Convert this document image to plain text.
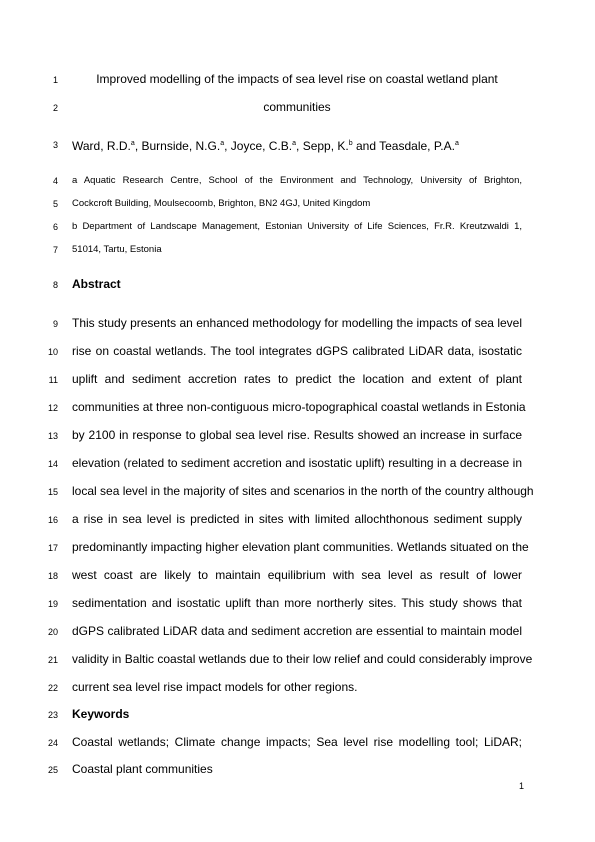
1
2
3
4
5
6
7
8
9
10
11
12
13
14
15
16
17
18
19
20
21
22
23
24
25
Improved modelling of the impacts of sea level rise on coastal wetland plant
communities
Ward, R.D.$^a$, Burnside, N.G.$^a$, Joyce, C.B.$^a$, Sepp, K.$^b$ and Teasdale, P.A.$^a$
a Aquatic Research Centre, School of the Environment and Technology, University of Brighton,
Cockcroft Building, Moulsecoomb, Brighton, BN2 4GJ, United Kingdom
b Department of Landscape Management, Estonian University of Life Sciences, Fr.R. Kreutzwaldi 1,
51014, Tartu, Estonia
Abstract
This study presents an enhanced methodology for modelling the impacts of sea level
rise on coastal wetlands. The tool integrates dGPS calibrated LiDAR data, isostatic
uplift and sediment accretion rates to predict the location and extent of plant
communities at three non-contiguous micro-topographical coastal wetlands in Estonia
by 2100 in response to global sea level rise. Results showed an increase in surface
elevation (related to sediment accretion and isostatic uplift) resulting in a decrease in
local sea level in the majority of sites and scenarios in the north of the country although
a rise in sea level is predicted in sites with limited allochthonous sediment supply
predominantly impacting higher elevation plant communities. Wetlands situated on the
west coast are likely to maintain equilibrium with sea level as result of lower
sedimentation and isostatic uplift than more northerly sites. This study shows that
dGPS calibrated LiDAR data and sediment accretion are essential to maintain model
validity in Baltic coastal wetlands due to their low relief and could considerably improve
current sea level rise impact models for other regions.
Keywords
Coastal wetlands; Climate change impacts; Sea level rise modelling tool; LiDAR;
Coastal plant communities
1
